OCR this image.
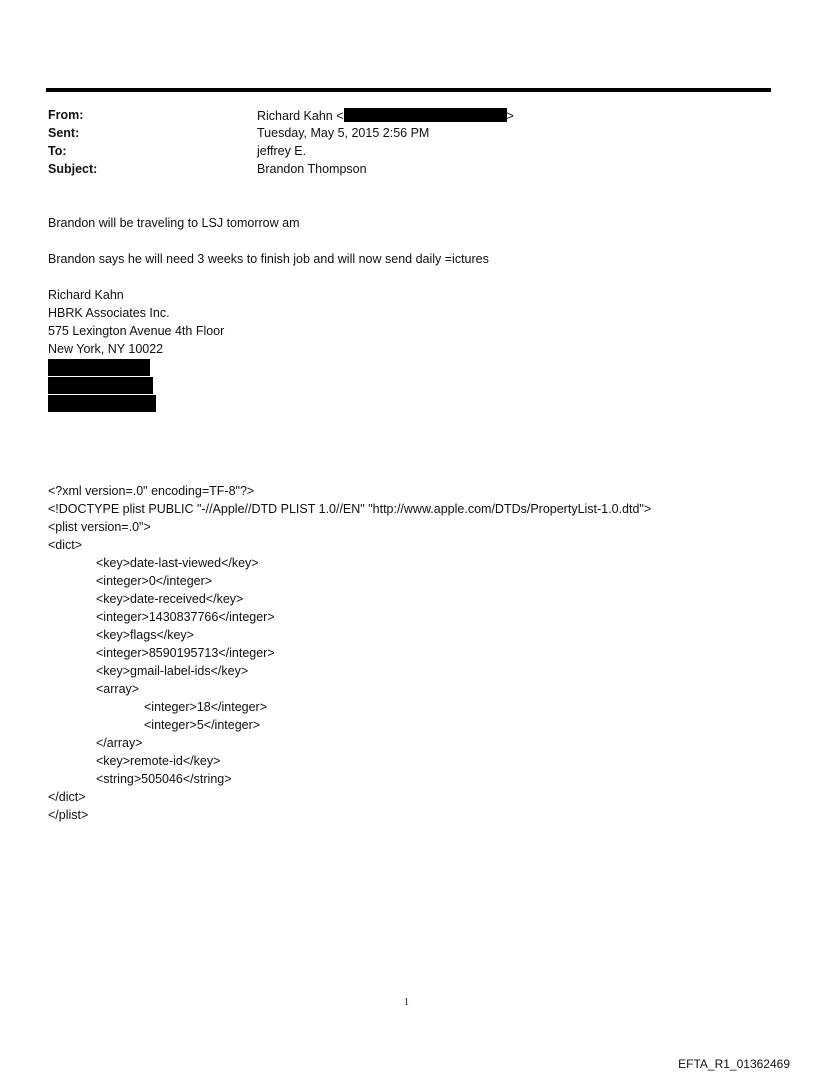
From:	Richard Kahn <	>
Sent:	Tuesday, May 5, 2015 2:56 PM
To:	jeffrey E.
Subject:	Brandon Thompson
Brandon will be traveling to LSJ tomorrow am
Brandon says he will need 3 weeks to finish job and will now send daily =ictures
Richard Kahn
HBRK Associates Inc.
575 Lexington Avenue 4th Floor
New York, NY 10022
<?xml version=.0" encoding=TF-8"?>
<!DOCTYPE plist PUBLIC "-//Apple//DTD PLIST 1.0//EN" "http://www.apple.com/DTDs/PropertyList-1.0.dtd">
<plist version=.0">
<dict>
<key>date-last-viewed</key>
<integer>0</integer>
<key>date-received</key>
<integer>1430837766</integer>
<key>flags</key>
<integer>8590195713</integer>
<key>gmail-label-ids</key>
<array>
<integer>18</integer>
<integer>5</integer>
</array>
<key>remote-id</key>
<string>505046</string>
</dict>
</plist>
1
EFTA_R1_01362469
